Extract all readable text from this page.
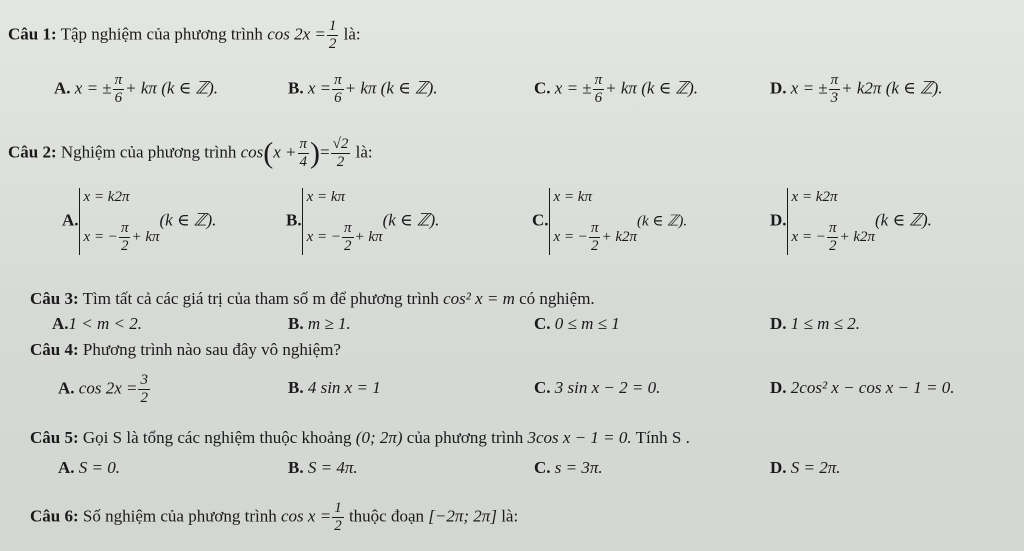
Câu 1: Tập nghiệm của phương trình $\cos 2x = \frac{1}{2}$ là:
A. x = ± $\frac{\pi}{6} + k\pi$ (k ∈ ℤ).	B. $x = \frac{\pi}{6} + k\pi$ (k ∈ ℤ).	C. x = ± $\frac{\pi}{6} + k\pi$ (k ∈ ℤ).	D. x = ± $\frac{\pi}{3} + k2\pi$ (k ∈ ℤ).
Câu 2: Nghiệm của phương trình $\cos(x + \frac{\pi}{4}$ )= $\frac{√2}{2}$ là:
A.
x = k2π
x = − $\frac{\pi}{2} + k\pi$
(k ∈ ℤ).	B.
x = kπ
x = − $\frac{\pi}{2} + k\pi$
(k ∈ ℤ).	C.
x = kπ
x = − $\frac{\pi}{2} + k2\pi$
(k ∈ ℤ).	D.
x = k2π
x = − $\frac{\pi}{2} + k2\pi$
(k ∈ ℤ).
Câu 3: Tìm tất cả các giá trị của tham số m để phương trình cos² x = m có nghiệm.
A.1 < m < 2.	B. m ≥ 1.	C. 0 ≤ m ≤ 1	D. 1 ≤ m ≤ 2.
Câu 4: Phương trình nào sau đây vô nghiệm?
A. $\cos 2x = \frac{3}{2}$	B. 4 sin x = 1	C. 3 sin x − 2 = 0.	D. 2cos² x − cos x − 1 = 0.
Câu 5: Gọi S là tổng các nghiệm thuộc khoảng (0; 2π) của phương trình 3cos x − 1 = 0. Tính S .
A. S = 0.	B. S = 4π.	C. s = 3π.	D. S = 2π.
Câu 6: Số nghiệm của phương trình $\cos x = \frac{1}{2}$ thuộc đoạn [−2π; 2π] là:
